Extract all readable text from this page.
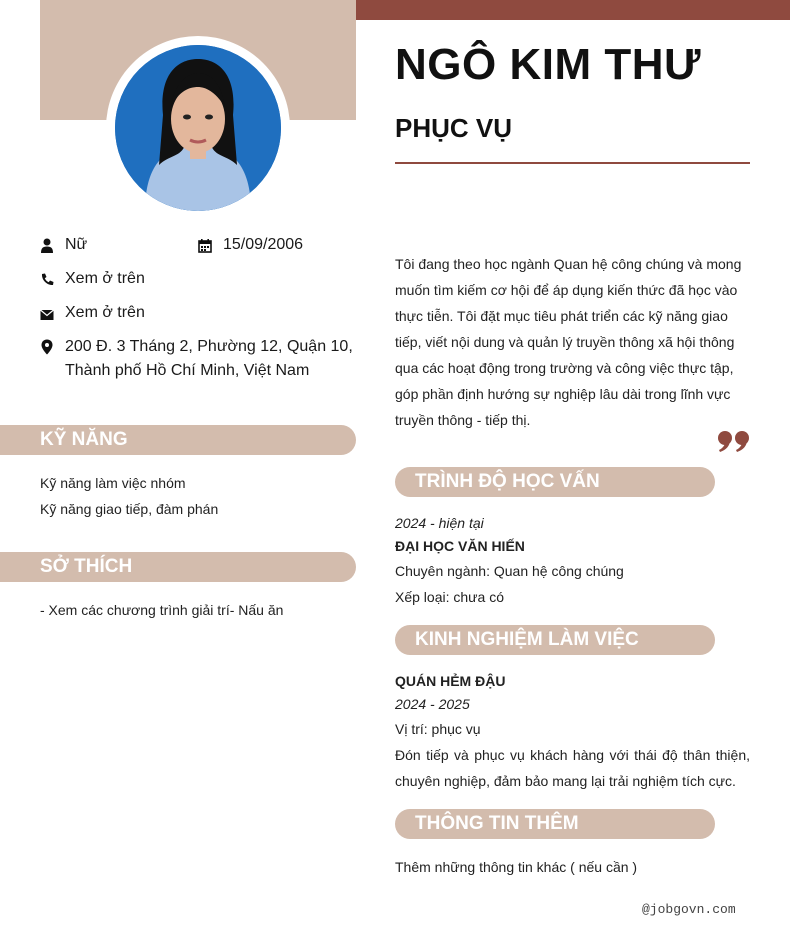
NGÔ KIM THƯ
PHỤC VỤ
Nữ	15/09/2006
Xem ở trên
Xem ở trên
200 Đ. 3 Tháng 2, Phường 12, Quận 10,
Thành phố Hồ Chí Minh, Việt Nam
Tôi đang theo học ngành Quan hệ công chúng và mong muốn tìm kiếm cơ hội để áp dụng kiến thức đã học vào thực tiễn. Tôi đặt mục tiêu phát triển các kỹ năng giao tiếp, viết nội dung và quản lý truyền thông xã hội thông qua các hoạt động trong trường và công việc thực tập, góp phần định hướng sự nghiệp lâu dài trong lĩnh vực truyền thông - tiếp thị.
KỸ NĂNG
Kỹ năng làm việc nhóm
Kỹ năng giao tiếp, đàm phán
SỞ THÍCH
- Xem các chương trình giải trí- Nấu ăn
TRÌNH ĐỘ HỌC VẤN
2024 - hiện tại
ĐẠI HỌC VĂN HIẾN
Chuyên ngành: Quan hệ công chúng
Xếp loại: chưa có
KINH NGHIỆM LÀM VIỆC
QUÁN HẺM ĐẬU
2024 - 2025
Vị trí: phục vụ
Đón tiếp và phục vụ khách hàng với thái độ thân thiện, chuyên nghiệp, đảm bảo mang lại trải nghiệm tích cực.
THÔNG TIN THÊM
Thêm những thông tin khác ( nếu cần )
@jobgovn.com
